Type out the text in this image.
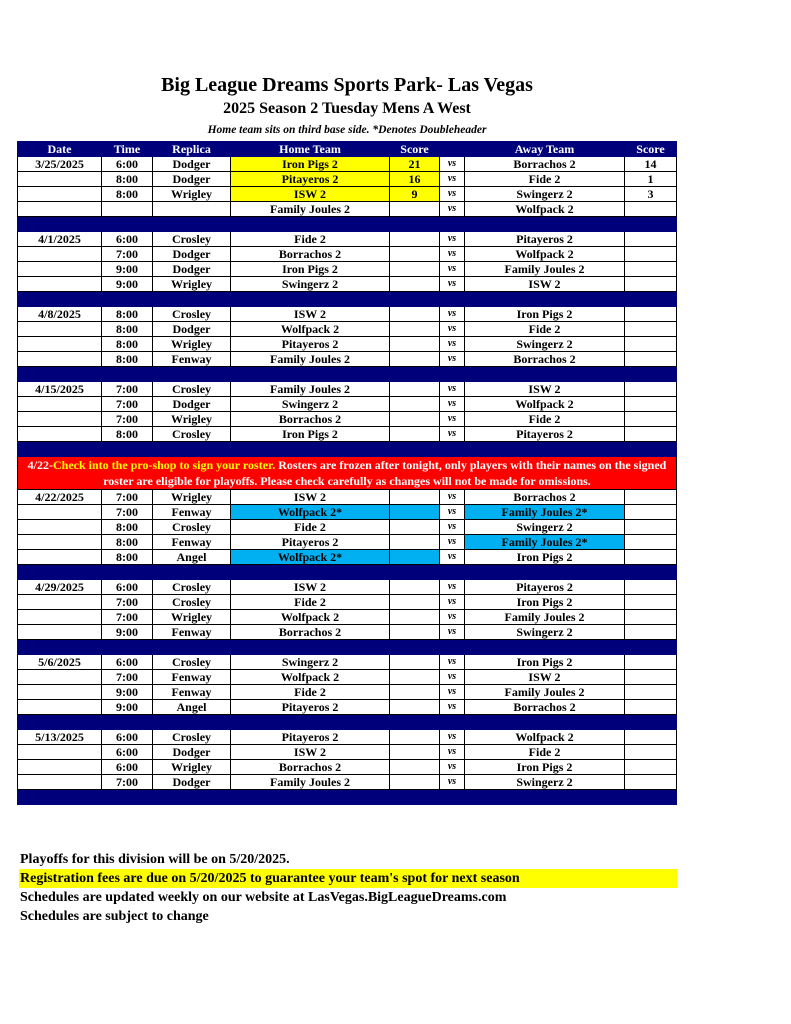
Big League Dreams Sports Park- Las Vegas
2025 Season 2 Tuesday Mens A West
Home team sits on third base side. *Denotes Doubleheader
Date	Time	Replica	Home Team	Score		Away Team	Score
3/25/2025	6:00	Dodger	Iron Pigs 2	21	vs	Borrachos 2	14
	8:00	Dodger	Pitayeros 2	16	vs	Fide 2	1
	8:00	Wrigley	ISW 2	9	vs	Swingerz 2	3
			Family Joules 2		vs	Wolfpack 2	

4/1/2025	6:00	Crosley	Fide 2		vs	Pitayeros 2	
	7:00	Dodger	Borrachos 2		vs	Wolfpack 2	
	9:00	Dodger	Iron Pigs 2		vs	Family Joules 2	
	9:00	Wrigley	Swingerz 2		vs	ISW 2	

4/8/2025	8:00	Crosley	ISW 2		vs	Iron Pigs 2	
	8:00	Dodger	Wolfpack 2		vs	Fide 2	
	8:00	Wrigley	Pitayeros 2		vs	Swingerz 2	
	8:00	Fenway	Family Joules 2		vs	Borrachos 2	

4/15/2025	7:00	Crosley	Family Joules 2		vs	ISW 2	
	7:00	Dodger	Swingerz 2		vs	Wolfpack 2	
	7:00	Wrigley	Borrachos 2		vs	Fide 2	
	8:00	Crosley	Iron Pigs 2		vs	Pitayeros 2	

4/22-Check into the pro-shop to sign your roster. Rosters are frozen after tonight, only players with their names on the signed roster are eligible for playoffs. Please check carefully as changes will not be made for omissions.							
4/22/2025	7:00	Wrigley	ISW 2		vs	Borrachos 2	
	7:00	Fenway	Wolfpack 2*		vs	Family Joules 2*	
	8:00	Crosley	Fide 2		vs	Swingerz 2	
	8:00	Fenway	Pitayeros 2		vs	Family Joules 2*	
	8:00	Angel	Wolfpack 2*		vs	Iron Pigs 2	

4/29/2025	6:00	Crosley	ISW 2		vs	Pitayeros 2	
	7:00	Crosley	Fide 2		vs	Iron Pigs 2	
	7:00	Wrigley	Wolfpack 2		vs	Family Joules 2	
	9:00	Fenway	Borrachos 2		vs	Swingerz 2	

5/6/2025	6:00	Crosley	Swingerz 2		vs	Iron Pigs 2	
	7:00	Fenway	Wolfpack 2		vs	ISW 2	
	9:00	Fenway	Fide 2		vs	Family Joules 2	
	9:00	Angel	Pitayeros 2		vs	Borrachos 2	

5/13/2025	6:00	Crosley	Pitayeros 2		vs	Wolfpack 2	
	6:00	Dodger	ISW 2		vs	Fide 2	
	6:00	Wrigley	Borrachos 2		vs	Iron Pigs 2	
	7:00	Dodger	Family Joules 2		vs	Swingerz 2	

Playoffs for this division will be on 5/20/2025.
Registration fees are due on 5/20/2025 to guarantee your team's spot for next season
Schedules are updated weekly on our website at LasVegas.BigLeagueDreams.com
Schedules are subject to change
